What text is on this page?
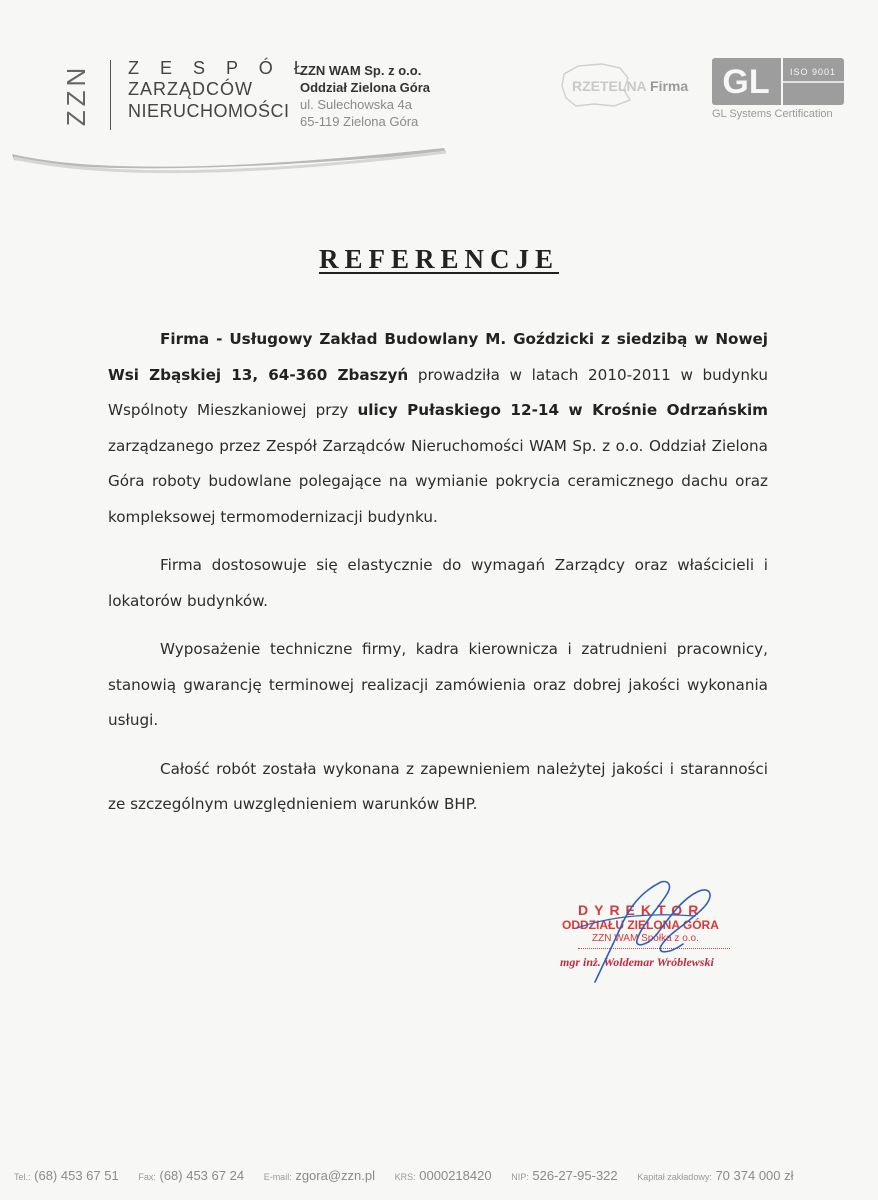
ZZN Z E S P Ó Ł
ZARZĄDCÓW
NIERUCHOMOŚCI
ZZN WAM Sp. z o.o.
Oddział Zielona Góra
ul. Sulechowska 4a
65-119 Zielona Góra
RZETELNA Firma GL ISO 9001
GL Systems Certification
REFERENCJE

Firma - Usługowy Zakład Budowlany M. Goździcki z siedzibą w Nowej Wsi Zbąskiej 13, 64-360 Zbaszyń prowadziła w latach 2010-2011 w budynku Wspólnoty Mieszkaniowej przy ulicy Pułaskiego 12-14 w Krośnie Odrzańskim zarządzanego przez Zespół Zarządców Nieruchomości WAM Sp. z o.o. Oddział Zielona Góra roboty budowlane polegające na wymianie pokrycia ceramicznego dachu oraz kompleksowej termomodernizacji budynku.

Firma dostosowuje się elastycznie do wymagań Zarządcy oraz właścicieli i lokatorów budynków.

Wyposażenie techniczne firmy, kadra kierownicza i zatrudnieni pracownicy, stanowią gwarancję terminowej realizacji zamówienia oraz dobrej jakości wykonania usługi.

Całość robót została wykonana z zapewnieniem należytej jakości i staranności ze szczególnym uwzględnieniem warunków BHP.

DYREKTOR
ODDZIAŁU ZIELONA GÓRA
ZZN WAM Spółka z o.o.
mgr inż. Woldemar Wróblewski
Tel.: (68) 453 67 51 Fax: (68) 453 67 24 E-mail: zgora@zzn.pl KRS: 0000218420 NIP: 526-27-95-322 Kapitał zakładowy: 70 374 000 zł
